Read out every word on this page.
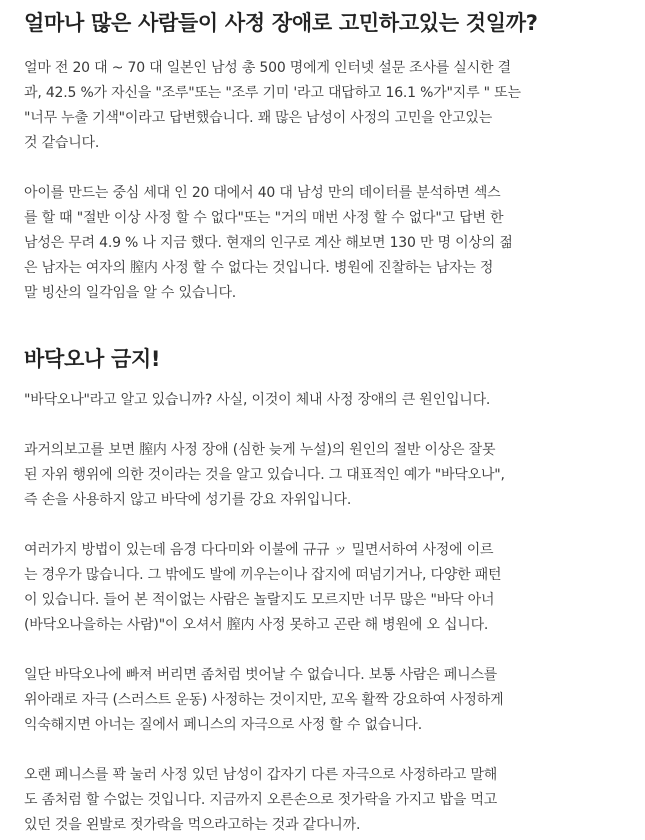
얼마나 많은 사람들이 사정 장애로 고민하고있는 것일까?

얼마 전 20 대 ~ 70 대 일본인 남성 총 500 명에게 인터넷 설문 조사를 실시한 결
과, 42.5 %가 자신을 "조루"또는 "조루 기미 '라고 대답하고 16.1 %가"지루 " 또는
"너무 누출 기색"이라고 답변했습니다. 꽤 많은 남성이 사정의 고민을 안고있는
것 같습니다.

아이를 만드는 중심 세대 인 20 대에서 40 대 남성 만의 데이터를 분석하면 섹스
를 할 때 "절반 이상 사정 할 수 없다"또는 "거의 매번 사정 할 수 없다"고 답변 한
남성은 무려 4.9 % 나 지금 했다. 현재의 인구로 계산 해보면 130 만 명 이상의 젊
은 남자는 여자의 膣内 사정 할 수 없다는 것입니다. 병원에 진찰하는 남자는 정
말 빙산의 일각임을 알 수 있습니다.

바닥오나 금지!

"바닥오나"라고 알고 있습니까? 사실, 이것이 체내 사정 장애의 큰 원인입니다.

과거의보고를 보면 膣内 사정 장애 (심한 늦게 누설)의 원인의 절반 이상은 잘못
된 자위 행위에 의한 것이라는 것을 알고 있습니다. 그 대표적인 예가 "바닥오나",
즉 손을 사용하지 않고 바닥에 성기를 강요 자위입니다.

여러가지 방법이 있는데 음경 다다미와 이불에 규규 ッ 밀면서하여 사정에 이르
는 경우가 많습니다. 그 밖에도 발에 끼우는이나 잡지에 떠넘기거나, 다양한 패턴
이 있습니다. 들어 본 적이없는 사람은 놀랄지도 모르지만 너무 많은 "바닥 아너
(바닥오나을하는 사람)"이 오셔서 膣内 사정 못하고 곤란 해 병원에 오 십니다.

일단 바닥오나에 빠져 버리면 좀처럼 벗어날 수 없습니다. 보통 사람은 페니스를
위아래로 자극 (스러스트 운동) 사정하는 것이지만, 꼬옥 활짝 강요하여 사정하게
익숙해지면 아너는 질에서 페니스의 자극으로 사정 할 수 없습니다.

오랜 페니스를 꽉 눌러 사정 있던 남성이 갑자기 다른 자극으로 사정하라고 말해
도 좀처럼 할 수없는 것입니다. 지금까지 오른손으로 젓가락을 가지고 밥을 먹고
있던 것을 왼발로 젓가락을 먹으라고하는 것과 같다니까.
